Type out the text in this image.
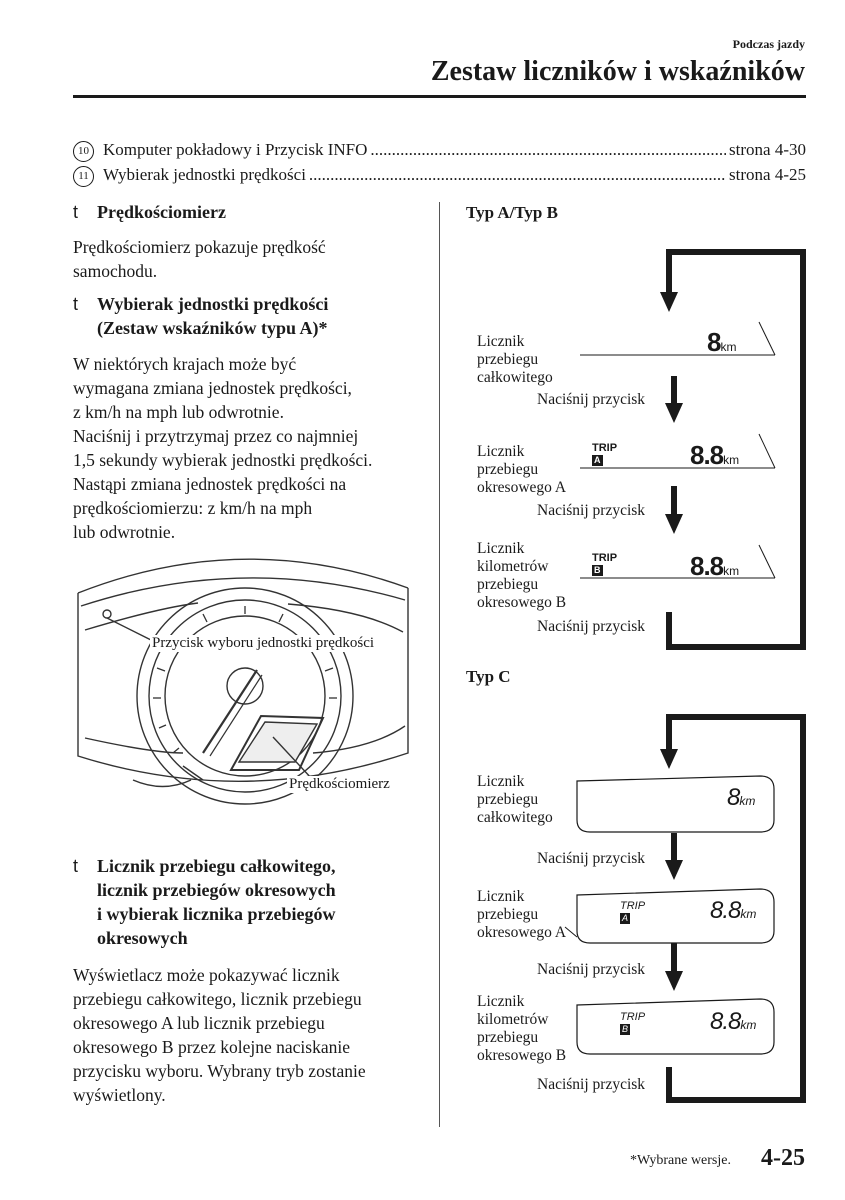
Podczas jazdy
Zestaw liczników i wskaźników
10 Komputer pokładowy i Przycisk INFO .....	strona 4-30
11 Wybierak jednostki prędkości .....	strona 4-25
t Prędkościomierz
Prędkościomierz pokazuje prędkość samochodu.
t Wybierak jednostki prędkości
(Zestaw wskaźników typu A)*
W niektórych krajach może być
wymagana zmiana jednostek prędkości,
z km/h na mph lub odwrotnie.
Naciśnij i przytrzymaj przez co najmniej
1,5 sekundy wybierak jednostki prędkości.
Nastąpi zmiana jednostek prędkości na
prędkościomierzu: z km/h na mph
lub odwrotnie.
Przycisk wyboru jednostki prędkości
Prędkościomierz
t Licznik przebiegu całkowitego,
licznik przebiegów okresowych
i wybierak licznika przebiegów
okresowych
Wyświetlacz może pokazywać licznik
przebiegu całkowitego, licznik przebiegu
okresowego A lub licznik przebiegu
okresowego B przez kolejne naciskanie
przycisku wyboru. Wybrany tryb zostanie
wyświetlony.
Typ A/Typ B
Licznik
przebiegu
całkowitego
8km
Naciśnij przycisk
Licznik
przebiegu
okresowego A
TRIP
A	8.8km
Naciśnij przycisk
Licznik
kilometrów
przebiegu
okresowego B
TRIP
B	8.8km
Naciśnij przycisk
Typ C
Licznik
przebiegu
całkowitego
8km
Naciśnij przycisk
Licznik
przebiegu
okresowego A
TRIP
A	8.8km
Naciśnij przycisk
Licznik
kilometrów
przebiegu
okresowego B
TRIP
B	8.8km
Naciśnij przycisk
*Wybrane wersje. 4-25
